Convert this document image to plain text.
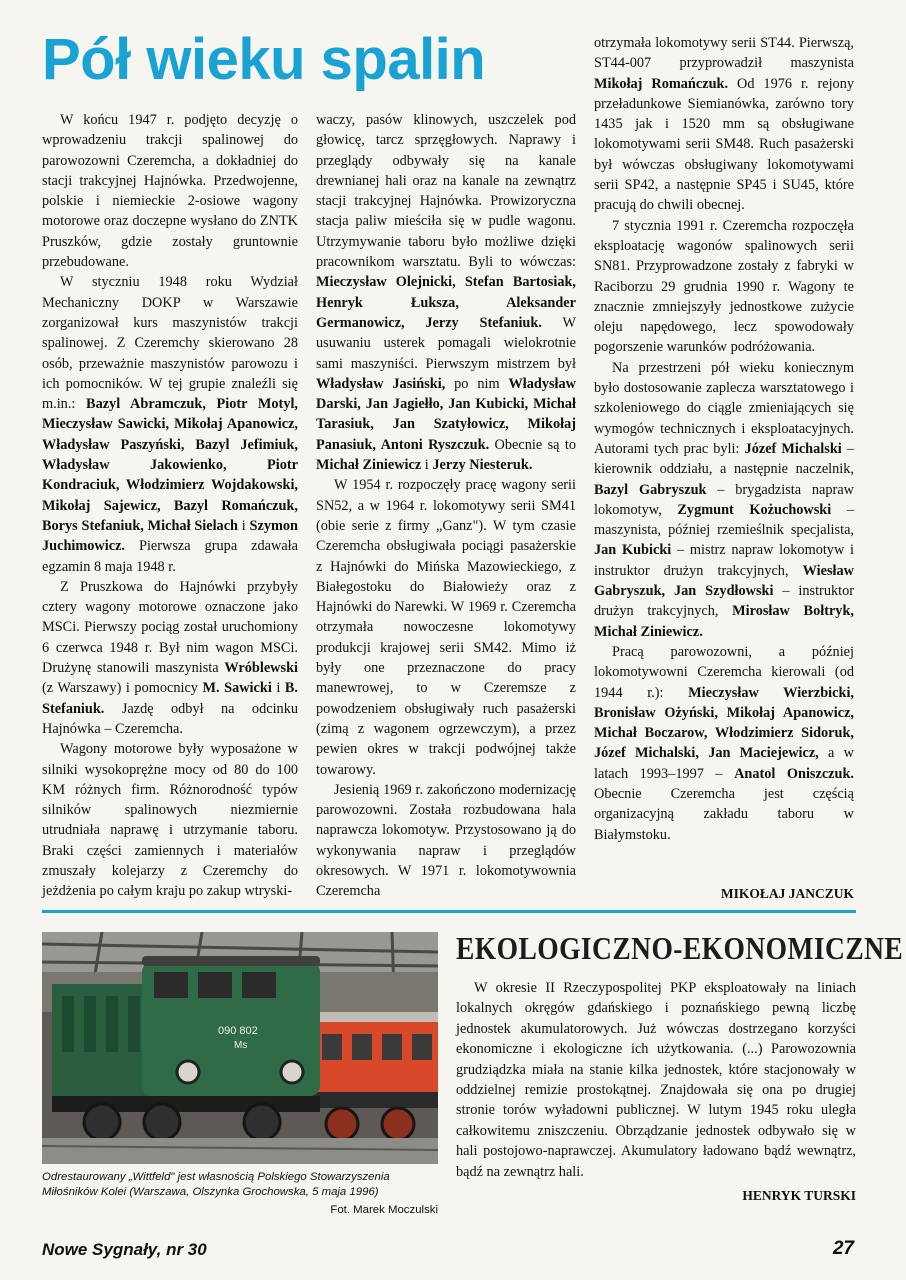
Pół wieku spalin

W końcu 1947 r. podjęto decyzję o wprowadzeniu trakcji spalinowej do parowozowni Czeremcha, a dokładniej do stacji trakcyjnej Hajnówka. Przedwojenne, polskie i niemieckie 2-osiowe wagony motorowe oraz doczepne wysłano do ZNTK Pruszków, gdzie zostały gruntownie przebudowane.

W styczniu 1948 roku Wydział Mechaniczny DOKP w Warszawie zorganizował kurs maszynistów trakcji spalinowej. Z Czeremchy skierowano 28 osób, przeważnie maszynistów parowozu i ich pomocników. W tej grupie znaleźli się m.in.: Bazyl Abramczuk, Piotr Motyl, Mieczysław Sawicki, Mikołaj Apanowicz, Władysław Paszyński, Bazyl Jefimiuk, Władysław Jakowienko, Piotr Kondraciuk, Włodzimierz Wojdakowski, Mikołaj Sajewicz, Bazyl Romańczuk, Borys Stefaniuk, Michał Sielach i Szymon Juchimowicz. Pierwsza grupa zdawała egzamin 8 maja 1948 r.

Z Pruszkowa do Hajnówki przybyły cztery wagony motorowe oznaczone jako MSCi. Pierwszy pociąg został uruchomiony 6 czerwca 1948 r. Był nim wagon MSCi. Drużynę stanowili maszynista Wróblewski (z Warszawy) i pomocnicy M. Sawicki i B. Stefaniuk. Jazdę odbył na odcinku Hajnówka – Czeremcha.

Wagony motorowe były wyposażone w silniki wysokoprężne mocy od 80 do 100 KM różnych firm. Różnorodność typów silników spalinowych niezmiernie utrudniała naprawę i utrzymanie taboru. Braki części zamiennych i materiałów zmuszały kolejarzy z Czeremchy do jeżdżenia po całym kraju po zakup wtryski-

waczy, pasów klinowych, uszczelek pod głowicę, tarcz sprzęgłowych. Naprawy i przeglądy odbywały się na kanale drewnianej hali oraz na kanale na zewnątrz stacji trakcyjnej Hajnówka. Prowizoryczna stacja paliw mieściła się w pudle wagonu. Utrzymywanie taboru było możliwe dzięki pracownikom warsztatu. Byli to wówczas: Mieczysław Olejnicki, Stefan Bartosiak, Henryk Łuksza, Aleksander Germanowicz, Jerzy Stefaniuk. W usuwaniu usterek pomagali wielokrotnie sami maszyniści. Pierwszym mistrzem był Władysław Jasiński, po nim Władysław Darski, Jan Jagiełło, Jan Kubicki, Michał Tarasiuk, Jan Szatyłowicz, Mikołaj Panasiuk, Antoni Ryszczuk. Obecnie są to Michał Ziniewicz i Jerzy Niesteruk.

W 1954 r. rozpoczęły pracę wagony serii SN52, a w 1964 r. lokomotywy serii SM41 (obie serie z firmy „Ganz"). W tym czasie Czeremcha obsługiwała pociągi pasażerskie z Hajnówki do Mińska Mazowieckiego, z Białegostoku do Białowieży oraz z Hajnówki do Narewki. W 1969 r. Czeremcha otrzymała nowoczesne lokomotywy produkcji krajowej serii SM42. Mimo iż były one przeznaczone do pracy manewrowej, to w Czeremsze z powodzeniem obsługiwały ruch pasażerski (zimą z wagonem ogrzewczym), a przez pewien okres w trakcji podwójnej także towarowy.

Jesienią 1969 r. zakończono modernizację parowozowni. Została rozbudowana hala naprawcza lokomotyw. Przystosowano ją do wykonywania napraw i przeglądów okresowych. W 1971 r. lokomotywownia Czeremcha

otrzymała lokomotywy serii ST44. Pierwszą, ST44-007 przyprowadził maszynista Mikołaj Romańczuk. Od 1976 r. rejony przeładunkowe Siemianówka, zarówno tory 1435 jak i 1520 mm są obsługiwane lokomotywami serii SM48. Ruch pasażerski był wówczas obsługiwany lokomotywami serii SP42, a następnie SP45 i SU45, które pracują do chwili obecnej.

7 stycznia 1991 r. Czeremcha rozpoczęła eksploatację wagonów spalinowych serii SN81. Przyprowadzone zostały z fabryki w Raciborzu 29 grudnia 1990 r. Wagony te znacznie zmniejszyły jednostkowe zużycie oleju napędowego, lecz spowodowały pogorszenie warunków podróżowania.

Na przestrzeni pół wieku koniecznym było dostosowanie zaplecza warsztatowego i szkoleniowego do ciągle zmieniających się wymogów technicznych i eksploatacyjnych. Autorami tych prac byli: Józef Michalski – kierownik oddziału, a następnie naczelnik, Bazyl Gabryszuk – brygadzista napraw lokomotyw, Zygmunt Kożuchowski – maszynista, później rzemieślnik specjalista, Jan Kubicki – mistrz napraw lokomotyw i instruktor drużyn trakcyjnych, Wiesław Gabryszuk, Jan Szydłowski – instruktor drużyn trakcyjnych, Mirosław Bołtryk, Michał Ziniewicz.

Pracą parowozowni, a później lokomotywowni Czeremcha kierowali (od 1944 r.): Mieczysław Wierzbicki, Bronisław Ożyński, Mikołaj Apanowicz, Michał Boczarow, Włodzimierz Sidoruk, Józef Michalski, Jan Maciejewicz, a w latach 1993–1997 – Anatol Oniszczuk. Obecnie Czeremcha jest częścią organizacyjną zakładu taboru w Białymstoku.

MIKOŁAJ JANCZUK

090 802
Ms
Odrestaurowany „Wittfeld" jest własnością Polskiego Stowarzyszenia Miłośników Kolei (Warszawa, Olszynka Grochowska, 5 maja 1996)
Fot. Marek Moczulski
EKOLOGICZNO-EKONOMICZNE

W okresie II Rzeczypospolitej PKP eksploatowały na liniach lokalnych okręgów gdańskiego i poznańskiego pewną liczbę jednostek akumulatorowych. Już wówczas dostrzegano korzyści ekonomiczne i ekologiczne ich użytkowania. (...) Parowozownia grudziądzka miała na stanie kilka jednostek, które stacjonowały w oddzielnej remizie prostokątnej. Znajdowała się ona po drugiej stronie torów wyładowni publicznej. W lutym 1945 roku uległa całkowitemu zniszczeniu. Obrządzanie jednostek odbywało się w hali postojowo-naprawczej. Akumulatory ładowano bądź wewnątrz, bądź na zewnątrz hali.

HENRYK TURSKI

Nowe Sygnały, nr 30	27
